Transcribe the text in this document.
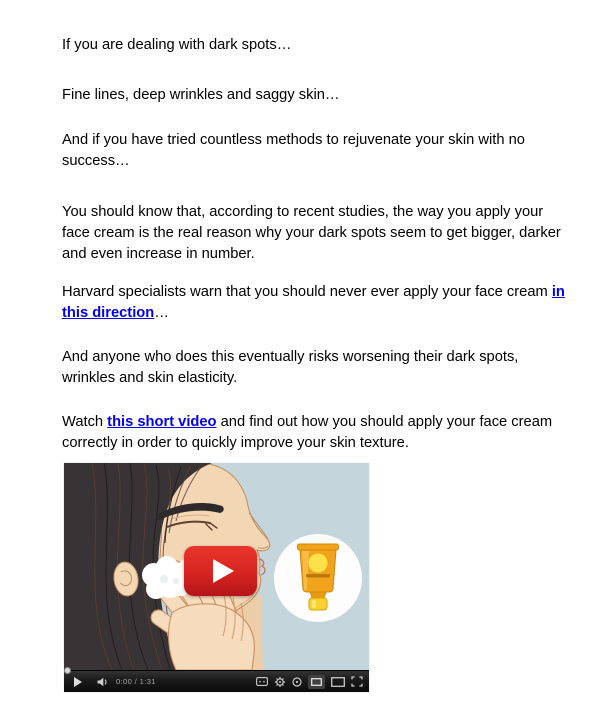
If you are dealing with dark spots…

Fine lines, deep wrinkles and saggy skin…

And if you have tried countless methods to rejuvenate your skin with no success…

You should know that, according to recent studies, the way you apply your face cream is the real reason why your dark spots seem to get bigger, darker and even increase in number.

Harvard specialists warn that you should never ever apply your face cream in this direction…

And anyone who does this eventually risks worsening their dark spots, wrinkles and skin elasticity.

Watch this short video and find out how you should apply your face cream correctly in order to quickly improve your skin texture.

0:00 / 1:31
